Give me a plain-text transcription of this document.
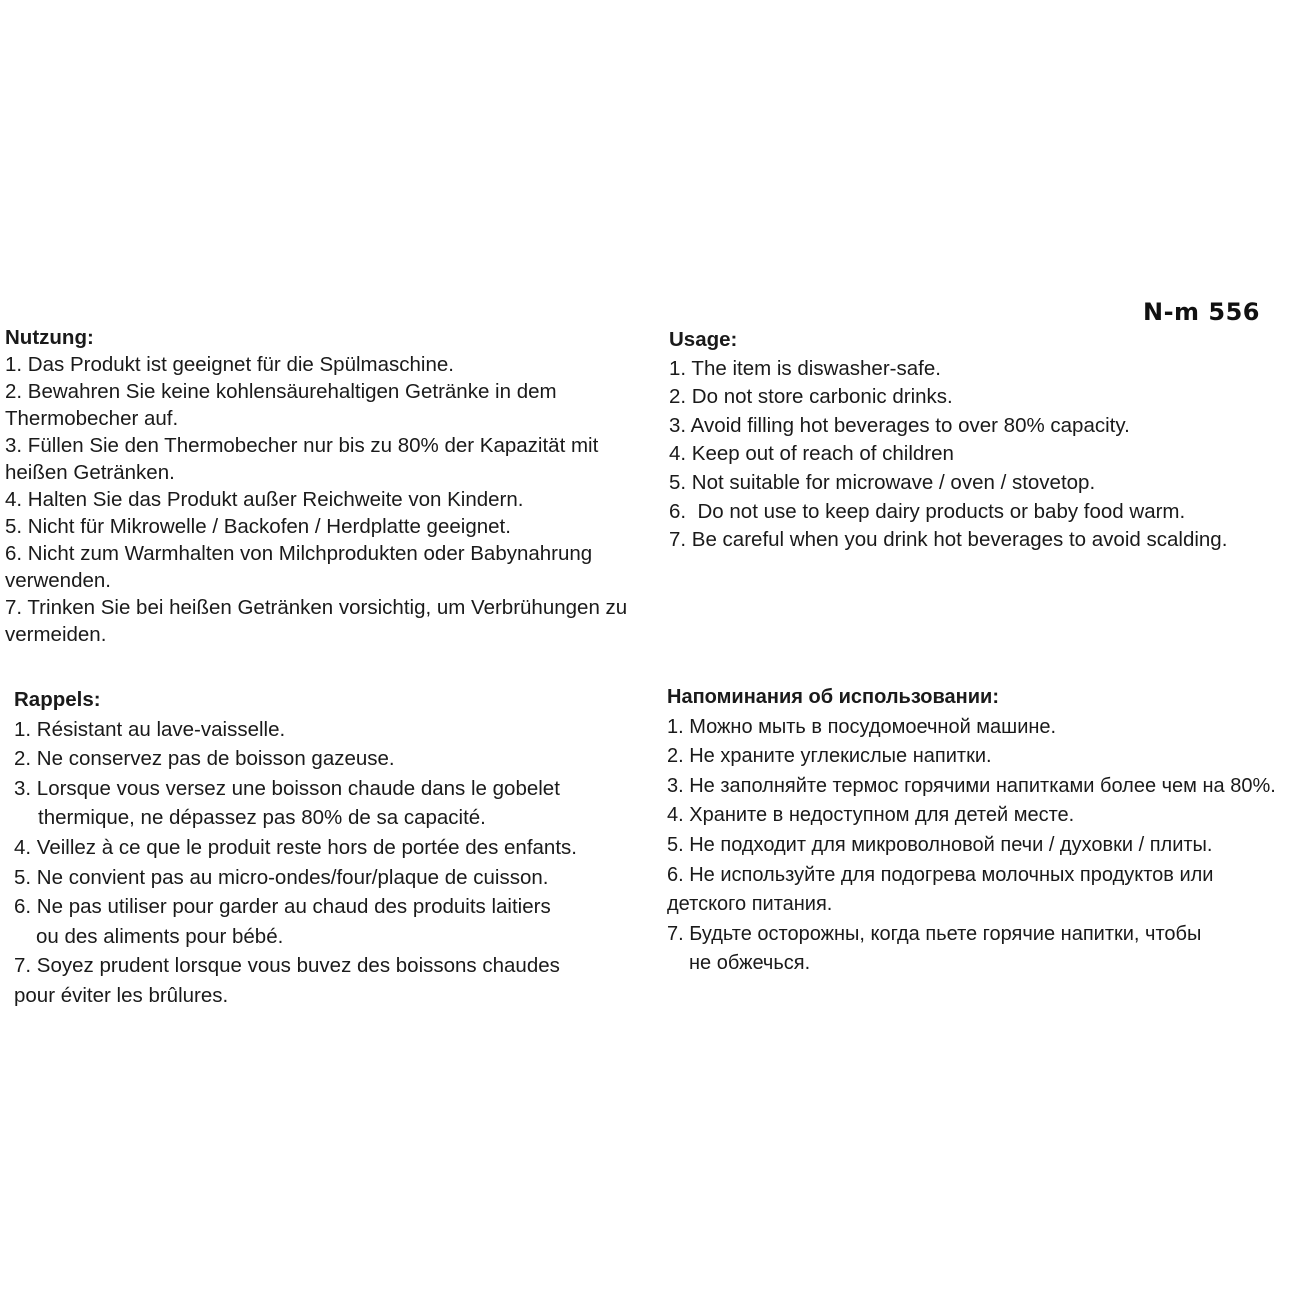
N-m 556
Nutzung:
1. Das Produkt ist geeignet für die Spülmaschine.
2. Bewahren Sie keine kohlensäurehaltigen Getränke in dem
Thermobecher auf.
3. Füllen Sie den Thermobecher nur bis zu 80% der Kapazität mit
heißen Getränken.
4. Halten Sie das Produkt außer Reichweite von Kindern.
5. Nicht für Mikrowelle / Backofen / Herdplatte geeignet.
6. Nicht zum Warmhalten von Milchprodukten oder Babynahrung
verwenden.
7. Trinken Sie bei heißen Getränken vorsichtig, um Verbrühungen zu
vermeiden.
Usage:
1. The item is diswasher-safe.
2. Do not store carbonic drinks.
3. Avoid filling hot beverages to over 80% capacity.
4. Keep out of reach of children
5. Not suitable for microwave / oven / stovetop.
6.  Do not use to keep dairy products or baby food warm.
7. Be careful when you drink hot beverages to avoid scalding.
Rappels:
1. Résistant au lave-vaisselle.
2. Ne conservez pas de boisson gazeuse.
3. Lorsque vous versez une boisson chaude dans le gobelet
thermique, ne dépassez pas 80% de sa capacité.
4. Veillez à ce que le produit reste hors de portée des enfants.
5. Ne convient pas au micro-ondes/four/plaque de cuisson.
6. Ne pas utiliser pour garder au chaud des produits laitiers
ou des aliments pour bébé.
7. Soyez prudent lorsque vous buvez des boissons chaudes
pour éviter les brûlures.
Напоминания об использовании:
1. Можно мыть в посудомоечной машине.
2. Не храните углекислые напитки.
3. Не заполняйте термос горячими напитками более чем на 80%.
4. Храните в недоступном для детей месте.
5. Не подходит для микроволновой печи / духовки / плиты.
6. Не используйте для подогрева молочных продуктов или
детского питания.
7. Будьте осторожны, когда пьете горячие напитки, чтобы
не обжечься.
